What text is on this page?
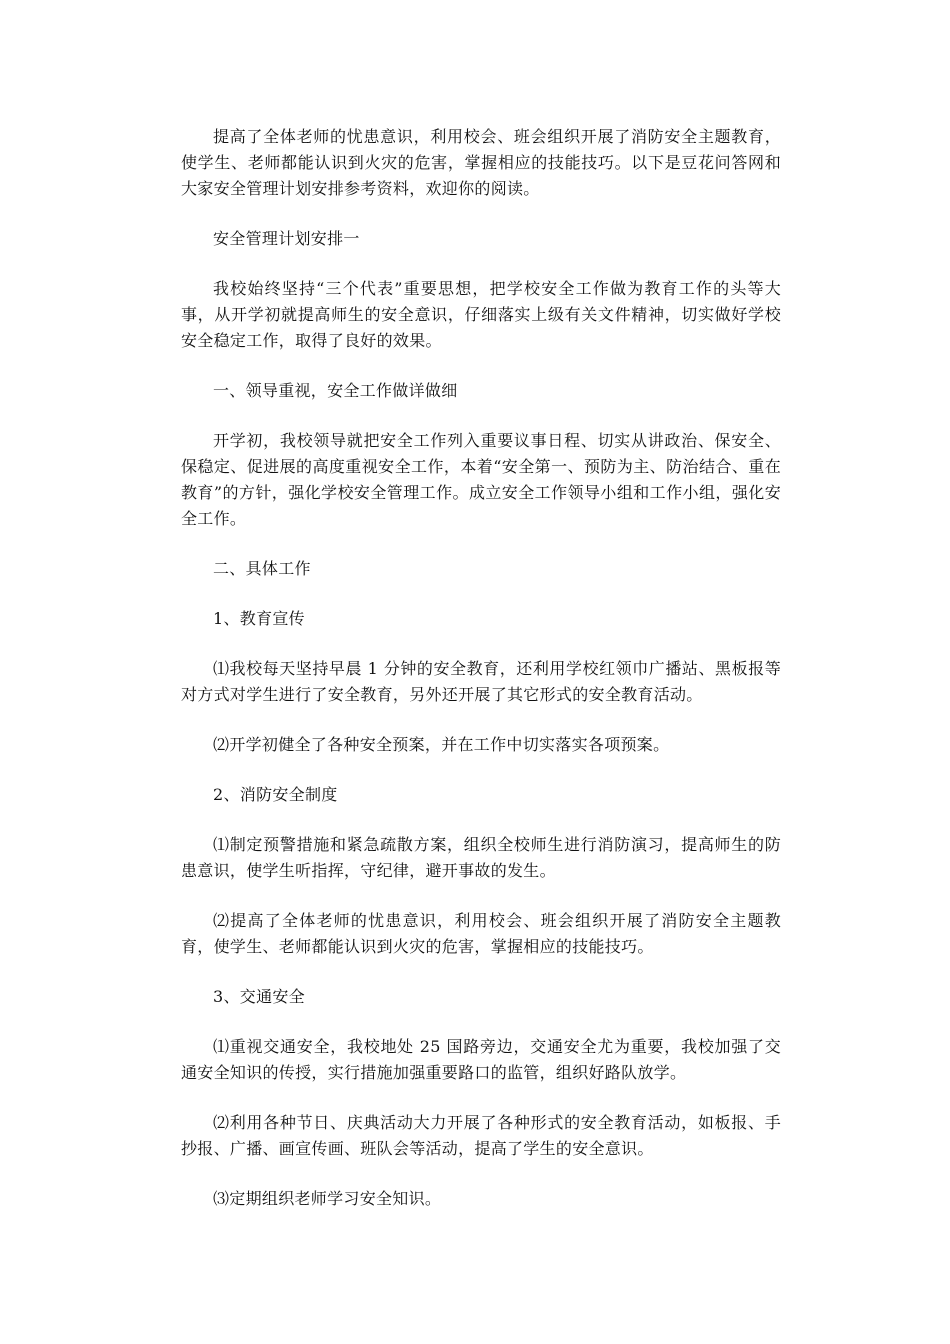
提高了全体老师的忧患意识，利用校会、班会组织开展了消防安全主题教育，使学生、老师都能认识到火灾的危害，掌握相应的技能技巧。以下是豆花问答网和大家安全管理计划安排参考资料，欢迎你的阅读。

安全管理计划安排一

我校始终坚持“三个代表”重要思想，把学校安全工作做为教育工作的头等大事，从开学初就提高师生的安全意识，仔细落实上级有关文件精神，切实做好学校安全稳定工作，取得了良好的效果。

一、领导重视，安全工作做详做细

开学初，我校领导就把安全工作列入重要议事日程、切实从讲政治、保安全、保稳定、促进展的高度重视安全工作，本着“安全第一、预防为主、防治结合、重在教育”的方针，强化学校安全管理工作。成立安全工作领导小组和工作小组，强化安全工作。

二、具体工作

1、教育宣传

⑴我校每天坚持早晨 1 分钟的安全教育，还利用学校红领巾广播站、黑板报等对方式对学生进行了安全教育，另外还开展了其它形式的安全教育活动。

⑵开学初健全了各种安全预案，并在工作中切实落实各项预案。

2、消防安全制度

⑴制定预警措施和紧急疏散方案，组织全校师生进行消防演习，提高师生的防患意识，使学生听指挥，守纪律，避开事故的发生。

⑵提高了全体老师的忧患意识，利用校会、班会组织开展了消防安全主题教育，使学生、老师都能认识到火灾的危害，掌握相应的技能技巧。

3、交通安全

⑴重视交通安全，我校地处 25 国路旁边，交通安全尤为重要，我校加强了交通安全知识的传授，实行措施加强重要路口的监管，组织好路队放学。

⑵利用各种节日、庆典活动大力开展了各种形式的安全教育活动，如板报、手抄报、广播、画宣传画、班队会等活动，提高了学生的安全意识。

⑶定期组织老师学习安全知识。
